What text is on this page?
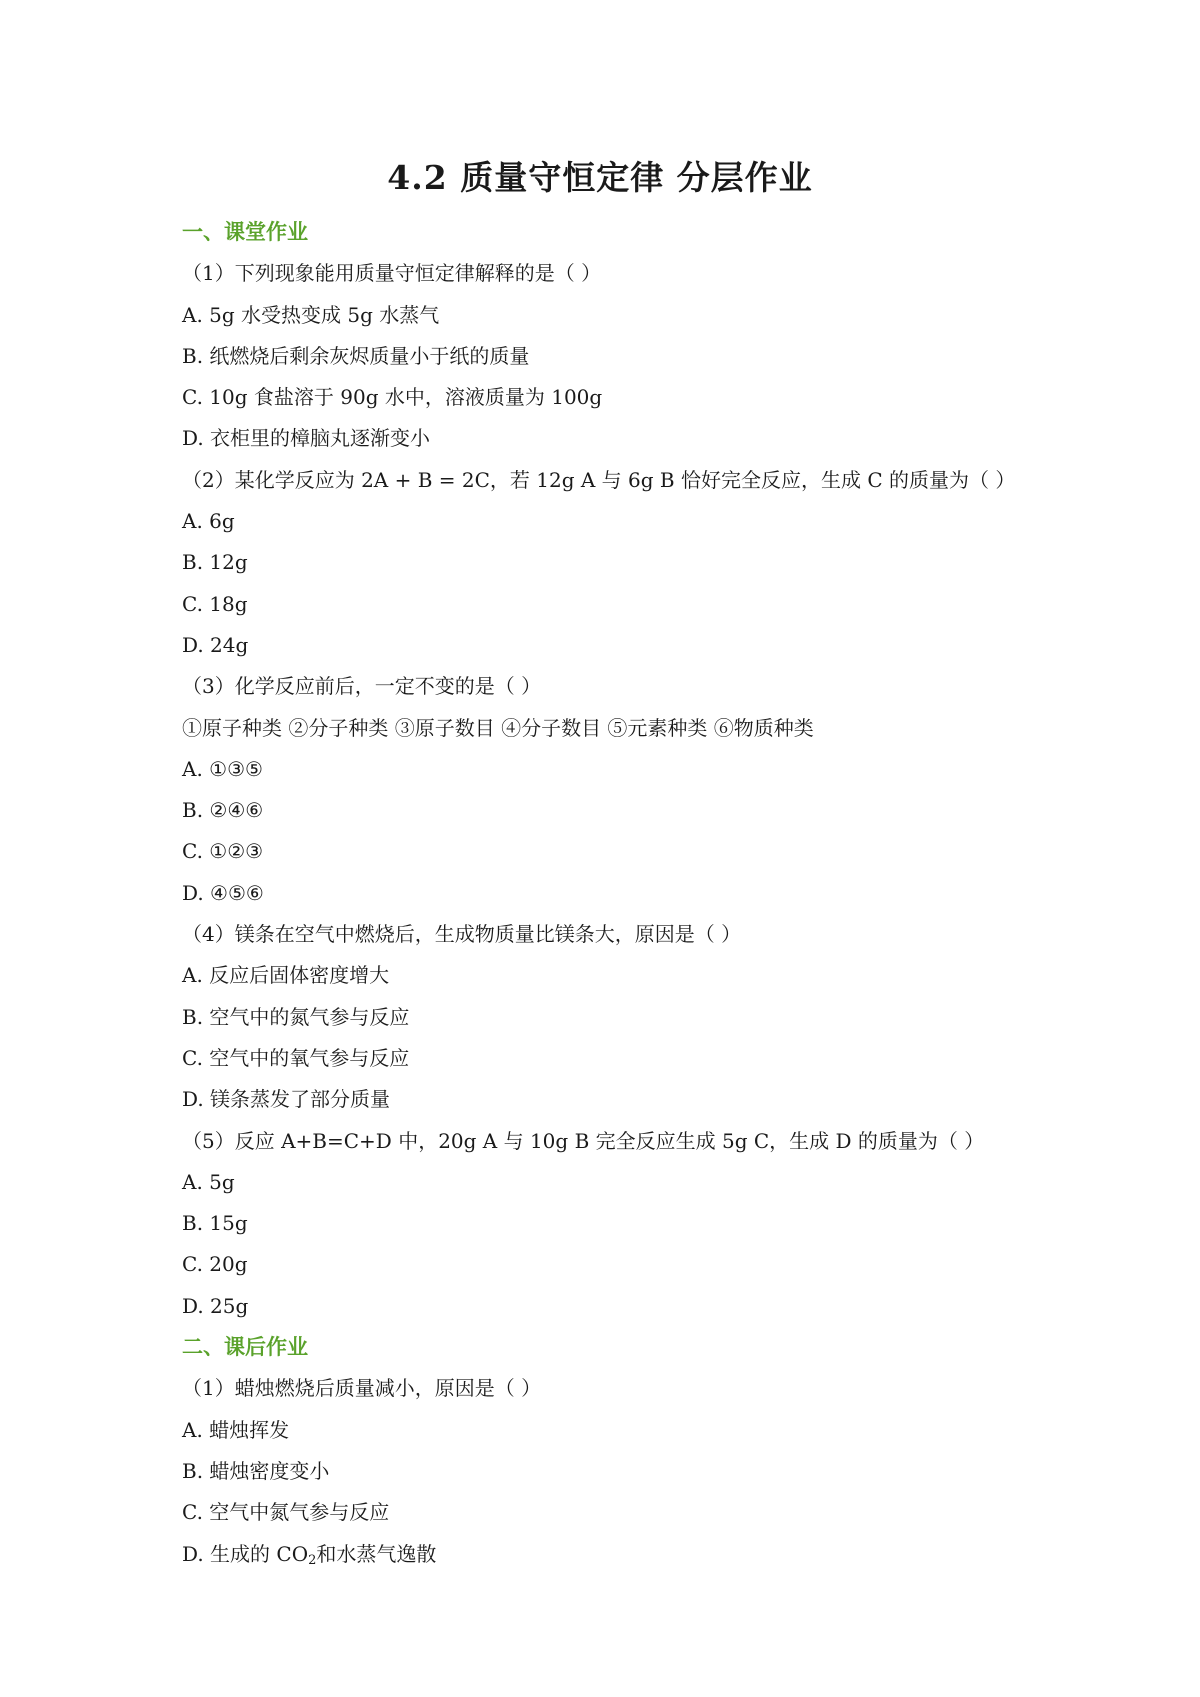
4.2 质量守恒定律 分层作业
一、课堂作业
（1）下列现象能用质量守恒定律解释的是（ ）
A. 5g 水受热变成 5g 水蒸气
B. 纸燃烧后剩余灰烬质量小于纸的质量
C. 10g 食盐溶于 90g 水中，溶液质量为 100g
D. 衣柜里的樟脑丸逐渐变小
（2）某化学反应为 2A + B = 2C，若 12g A 与 6g B 恰好完全反应，生成 C 的质量为（ ）
A. 6g
B. 12g
C. 18g
D. 24g
（3）化学反应前后，一定不变的是（ ）
①原子种类 ②分子种类 ③原子数目 ④分子数目 ⑤元素种类 ⑥物质种类
A. ①③⑤
B. ②④⑥
C. ①②③
D. ④⑤⑥
（4）镁条在空气中燃烧后，生成物质量比镁条大，原因是（ ）
A. 反应后固体密度增大
B. 空气中的氮气参与反应
C. 空气中的氧气参与反应
D. 镁条蒸发了部分质量
（5）反应 A+B=C+D 中，20g A 与 10g B 完全反应生成 5g C，生成 D 的质量为（ ）
A. 5g
B. 15g
C. 20g
D. 25g
二、课后作业
（1）蜡烛燃烧后质量减小，原因是（ ）
A. 蜡烛挥发
B. 蜡烛密度变小
C. 空气中氮气参与反应
D. 生成的 $CO_2$和水蒸气逸散
